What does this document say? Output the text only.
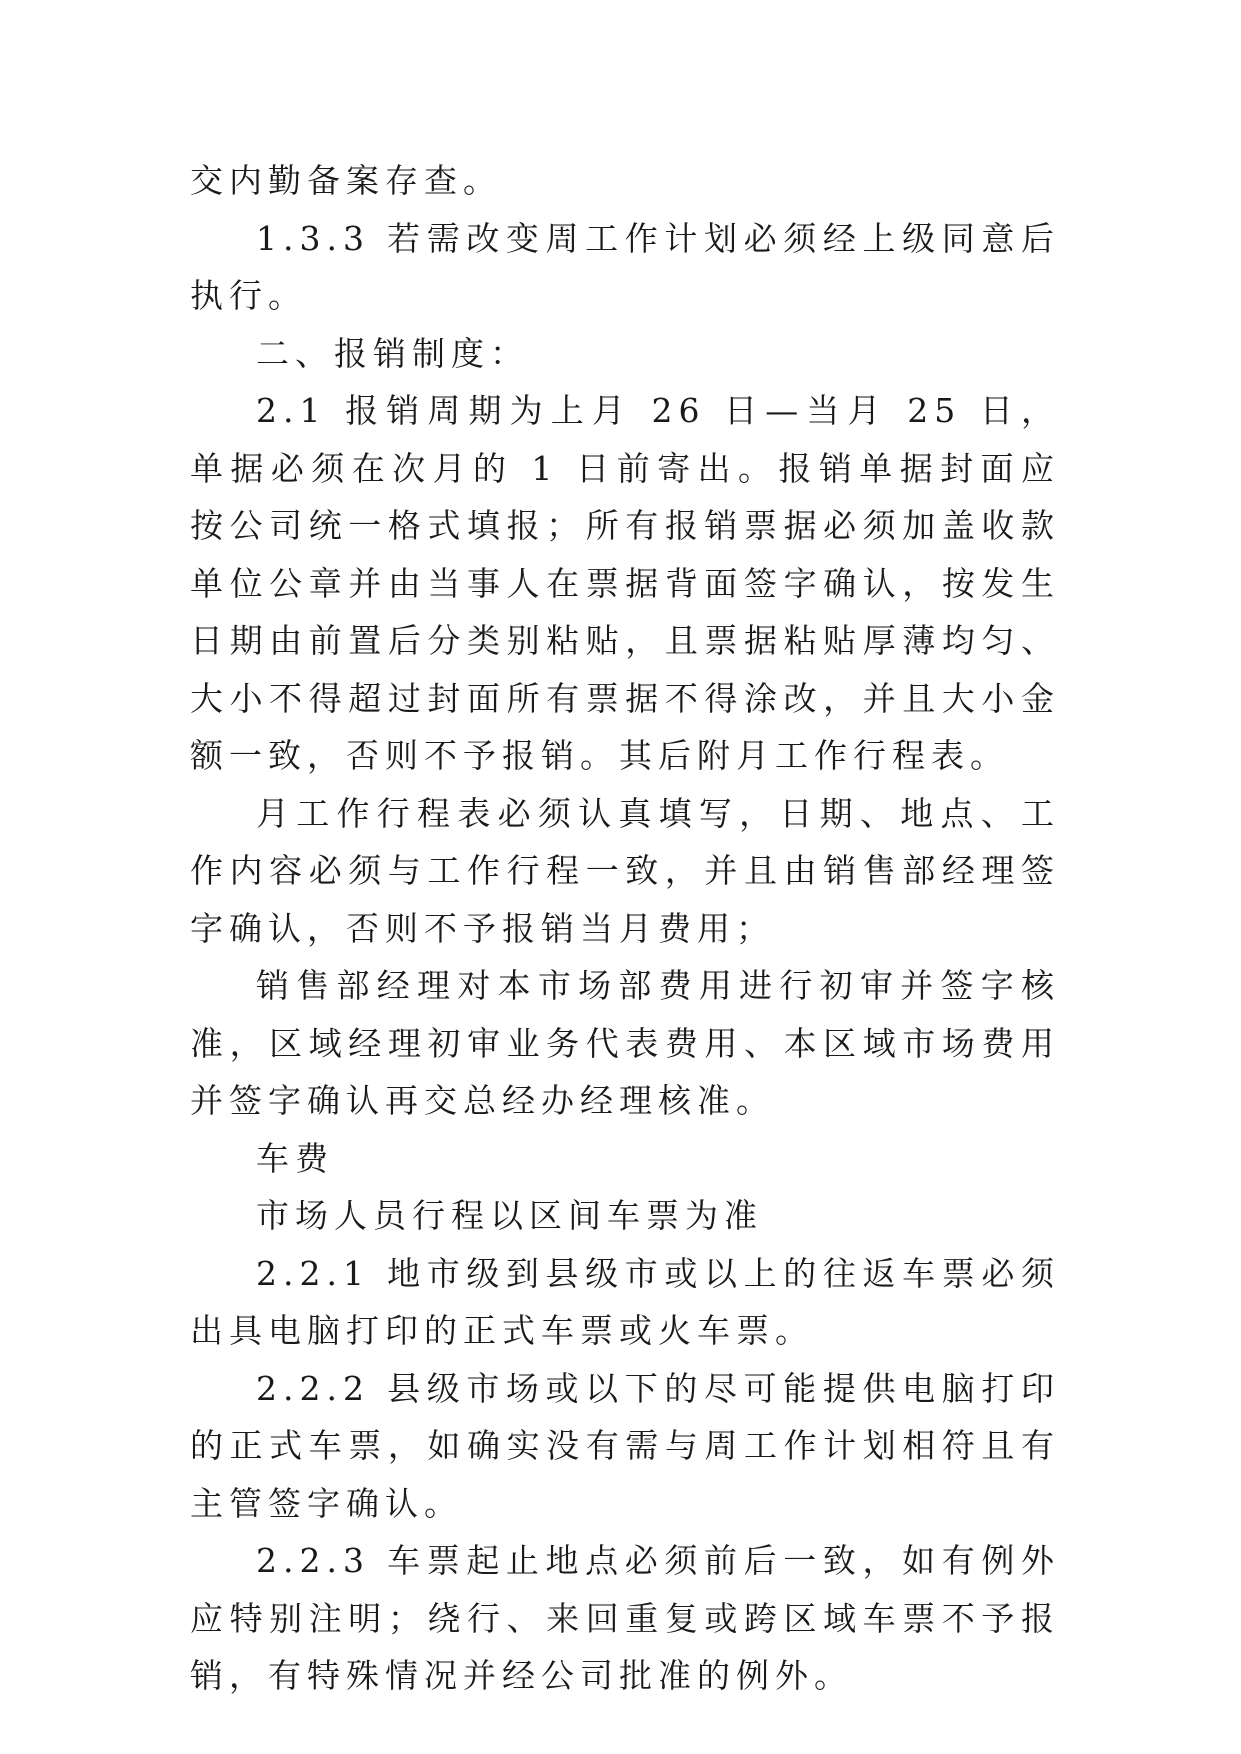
交内勤备案存查。

1.3.3 若需改变周工作计划必须经上级同意后执行。

二、报销制度：

2.1 报销周期为上月 26 日—当月 25 日，单据必须在次月的 1 日前寄出。报销单据封面应按公司统一格式填报；所有报销票据必须加盖收款单位公章并由当事人在票据背面签字确认，按发生日期由前置后分类别粘贴，且票据粘贴厚薄均匀、大小不得超过封面所有票据不得涂改，并且大小金额一致，否则不予报销。其后附月工作行程表。

月工作行程表必须认真填写，日期、地点、工作内容必须与工作行程一致，并且由销售部经理签字确认，否则不予报销当月费用；

销售部经理对本市场部费用进行初审并签字核准，区域经理初审业务代表费用、本区域市场费用并签字确认再交总经办经理核准。

车费

市场人员行程以区间车票为准

2.2.1 地市级到县级市或以上的往返车票必须出具电脑打印的正式车票或火车票。

2.2.2 县级市场或以下的尽可能提供电脑打印的正式车票，如确实没有需与周工作计划相符且有主管签字确认。

2.2.3 车票起止地点必须前后一致，如有例外应特别注明；绕行、来回重复或跨区域车票不予报销，有特殊情况并经公司批准的例外。
